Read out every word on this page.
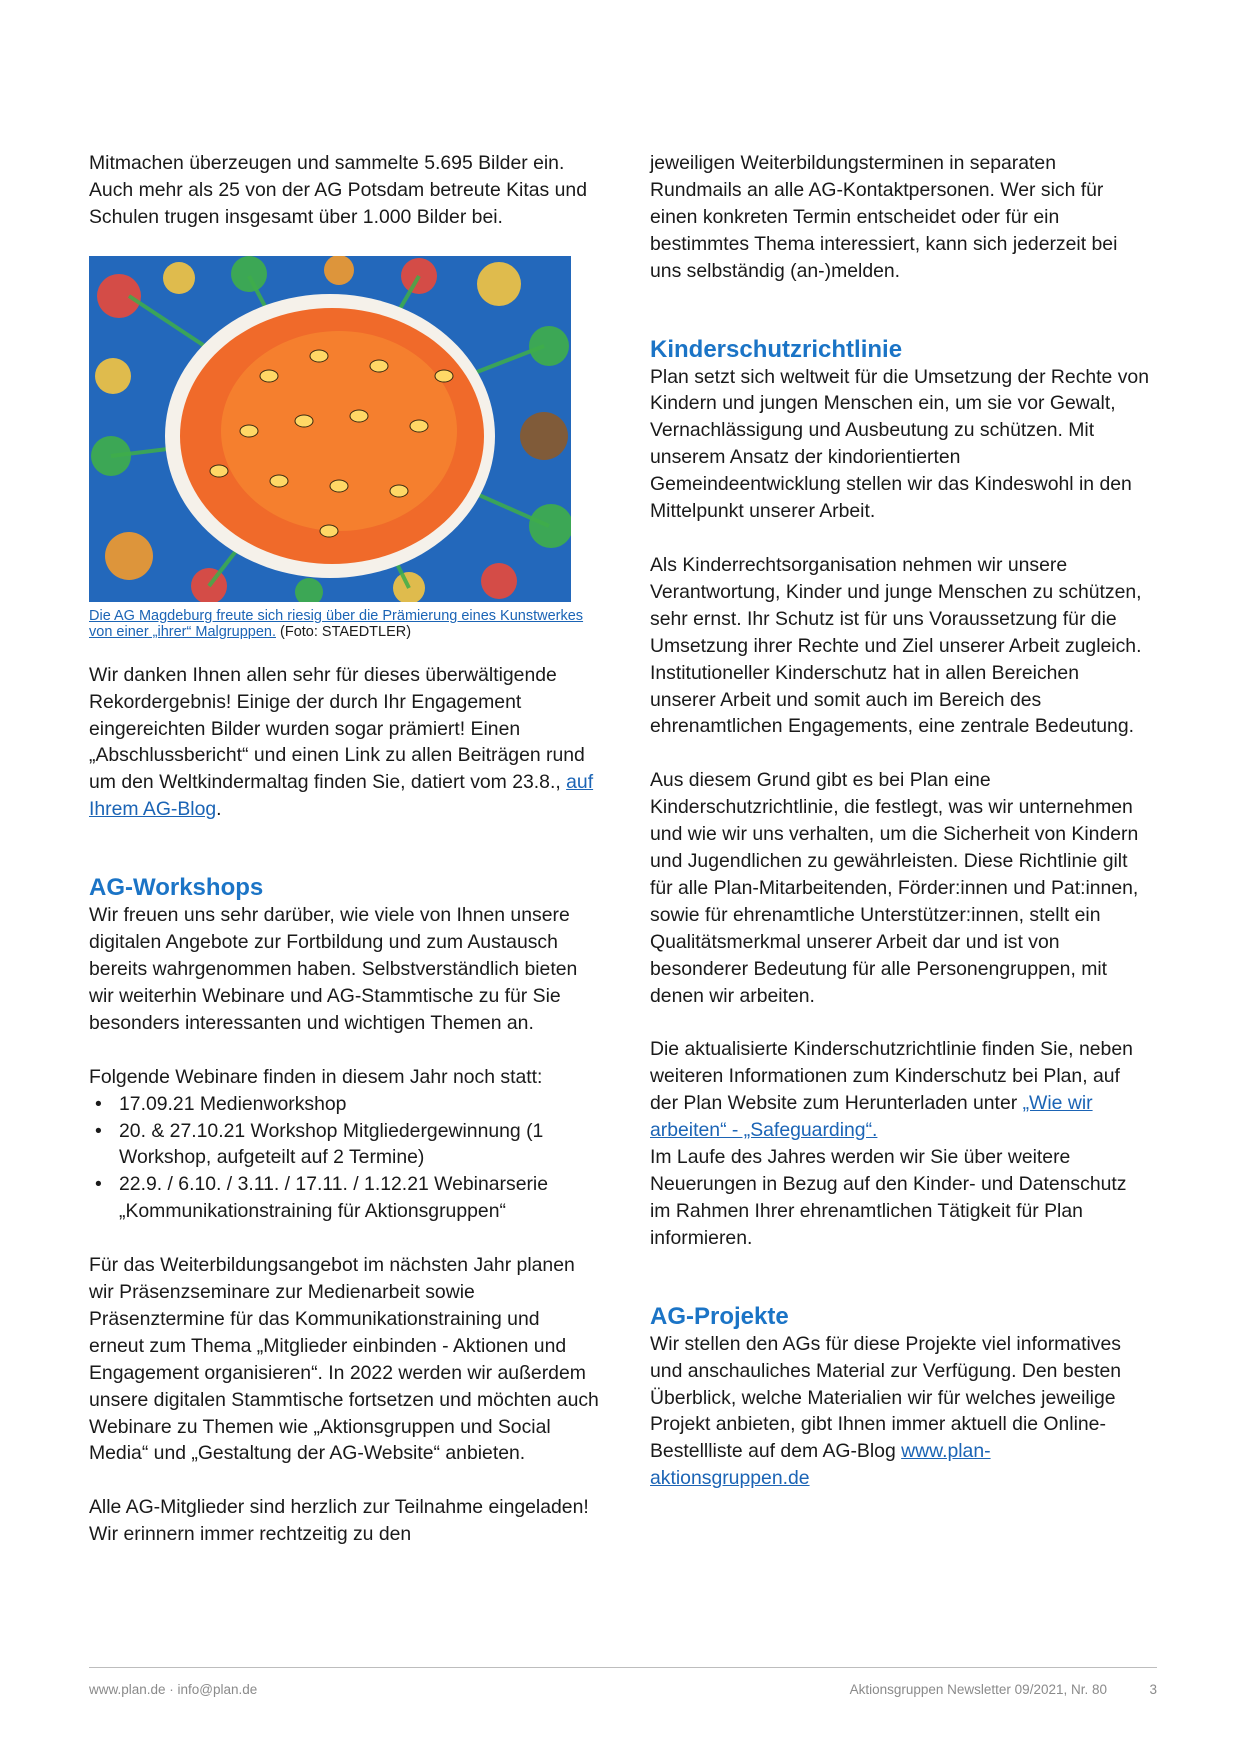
Mitmachen überzeugen und sammelte 5.695 Bilder ein. Auch mehr als 25 von der AG Potsdam betreute Kitas und Schulen trugen insgesamt über 1.000 Bilder bei.

Die AG Magdeburg freute sich riesig über die Prämierung eines Kunstwerkes von einer „ihrer“ Malgruppen. (Foto: STAEDTLER)

Wir danken Ihnen allen sehr für dieses überwältigende Rekordergebnis! Einige der durch Ihr Engagement eingereichten Bilder wurden sogar prämiert! Einen „Abschlussbericht“ und einen Link zu allen Beiträgen rund um den Weltkindermaltag finden Sie, datiert vom 23.8., auf Ihrem AG-Blog.

AG-Workshops

Wir freuen uns sehr darüber, wie viele von Ihnen unsere digitalen Angebote zur Fortbildung und zum Austausch bereits wahrgenommen haben. Selbstverständlich bieten wir weiterhin Webinare und AG-Stammtische zu für Sie besonders interessanten und wichtigen Themen an.

Folgende Webinare finden in diesem Jahr noch statt:

• 17.09.21 Medienworkshop
• 20. & 27.10.21 Workshop Mitgliedergewinnung (1 Workshop, aufgeteilt auf 2 Termine)
• 22.9. / 6.10. / 3.11. / 17.11. / 1.12.21 Webinarserie „Kommunikationstraining für Aktionsgruppen“

Für das Weiterbildungsangebot im nächsten Jahr planen wir Präsenzseminare zur Medienarbeit sowie Präsenztermine für das Kommunikationstraining und erneut zum Thema „Mitglieder einbinden - Aktionen und Engagement organisieren“. In 2022 werden wir außerdem unsere digitalen Stammtische fortsetzen und möchten auch Webinare zu Themen wie „Aktionsgruppen und Social Media“ und „Gestaltung der AG-Website“ anbieten.

Alle AG-Mitglieder sind herzlich zur Teilnahme eingeladen! Wir erinnern immer rechtzeitig zu den

jeweiligen Weiterbildungsterminen in separaten Rundmails an alle AG-Kontaktpersonen. Wer sich für einen konkreten Termin entscheidet oder für ein bestimmtes Thema interessiert, kann sich jederzeit bei uns selbständig (an-)melden.

Kinderschutzrichtlinie

Plan setzt sich weltweit für die Umsetzung der Rechte von Kindern und jungen Menschen ein, um sie vor Gewalt, Vernachlässigung und Ausbeutung zu schützen. Mit unserem Ansatz der kindorientierten Gemeindeentwicklung stellen wir das Kindeswohl in den Mittelpunkt unserer Arbeit.

Als Kinderrechtsorganisation nehmen wir unsere Verantwortung, Kinder und junge Menschen zu schützen, sehr ernst. Ihr Schutz ist für uns Voraussetzung für die Umsetzung ihrer Rechte und Ziel unserer Arbeit zugleich. Institutioneller Kinderschutz hat in allen Bereichen unserer Arbeit und somit auch im Bereich des ehrenamtlichen Engagements, eine zentrale Bedeutung.

Aus diesem Grund gibt es bei Plan eine Kinderschutzrichtlinie, die festlegt, was wir unternehmen und wie wir uns verhalten, um die Sicherheit von Kindern und Jugendlichen zu gewährleisten. Diese Richtlinie gilt für alle Plan-Mitarbeitenden, Förder:innen und Pat:innen, sowie für ehrenamtliche Unterstützer:innen, stellt ein Qualitätsmerkmal unserer Arbeit dar und ist von besonderer Bedeutung für alle Personengruppen, mit denen wir arbeiten.

Die aktualisierte Kinderschutzrichtlinie finden Sie, neben weiteren Informationen zum Kinderschutz bei Plan, auf der Plan Website zum Herunterladen unter „Wie wir arbeiten“ - „Safeguarding“.

Im Laufe des Jahres werden wir Sie über weitere Neuerungen in Bezug auf den Kinder- und Datenschutz im Rahmen Ihrer ehrenamtlichen Tätigkeit für Plan informieren.

AG-Projekte

Wir stellen den AGs für diese Projekte viel informatives und anschauliches Material zur Verfügung. Den besten Überblick, welche Materialien wir für welches jeweilige Projekt anbieten, gibt Ihnen immer aktuell die Online-Bestellliste auf dem AG-Blog www.plan-aktionsgruppen.de

www.plan.de · info@plan.de	Aktionsgruppen Newsletter 09/2021, Nr. 80	3
